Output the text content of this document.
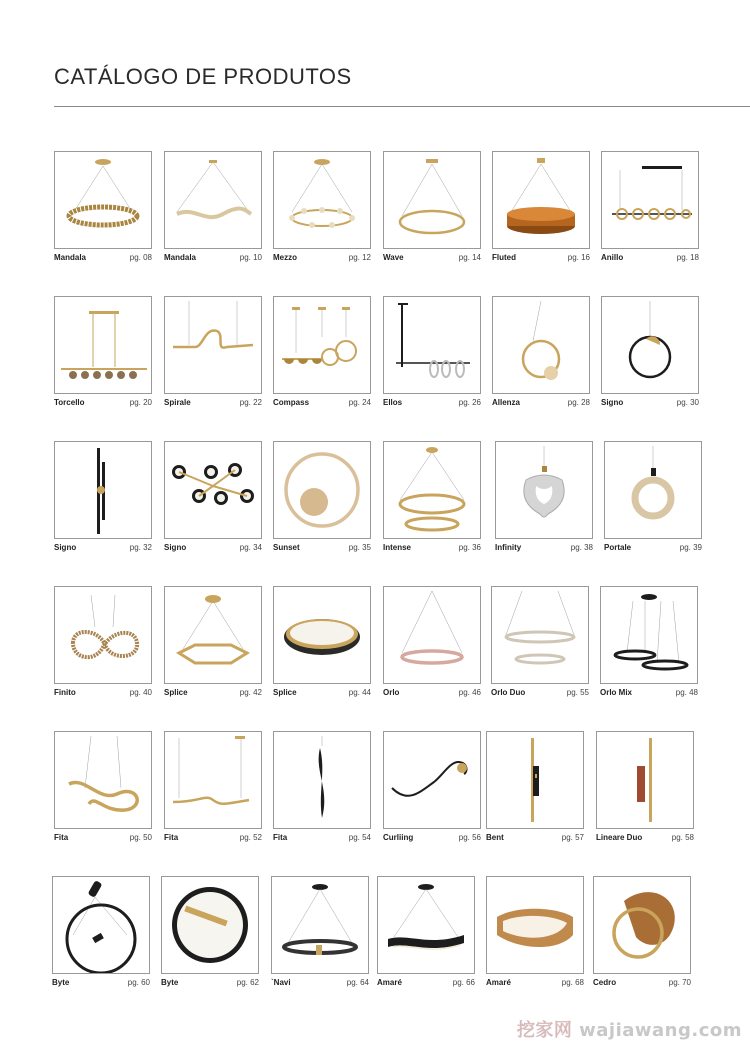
CATÁLOGO DE PRODUTOS
Mandala	pg. 08 Mandala	pg. 10 Mezzo	pg. 12 Wave	pg. 14 Fluted	pg. 16 Anillo	pg. 18
Torcello	pg. 20 Spirale	pg. 22 Compass	pg. 24 Ellos	pg. 26 Allenza	pg. 28 Signo	pg. 30
Signo	pg. 32 Signo	pg. 34 Sunset	pg. 35 Intense	pg. 36 Infinity	pg. 38 Portale	pg. 39
Finito	pg. 40 Splice	pg. 42 Splice	pg. 44 Orlo	pg. 46 Orlo Duo	pg. 55 Orlo Mix	pg. 48
Fita	pg. 50 Fita	pg. 52 Fita	pg. 54 Curliing	pg. 56 Bent	pg. 57 Lineare Duo	pg. 58
Byte	pg. 60 Byte	pg. 62 `Navi	pg. 64 Amaré	pg. 66 Amaré	pg. 68 Cedro	pg. 70
挖家网 wajiawang.com
